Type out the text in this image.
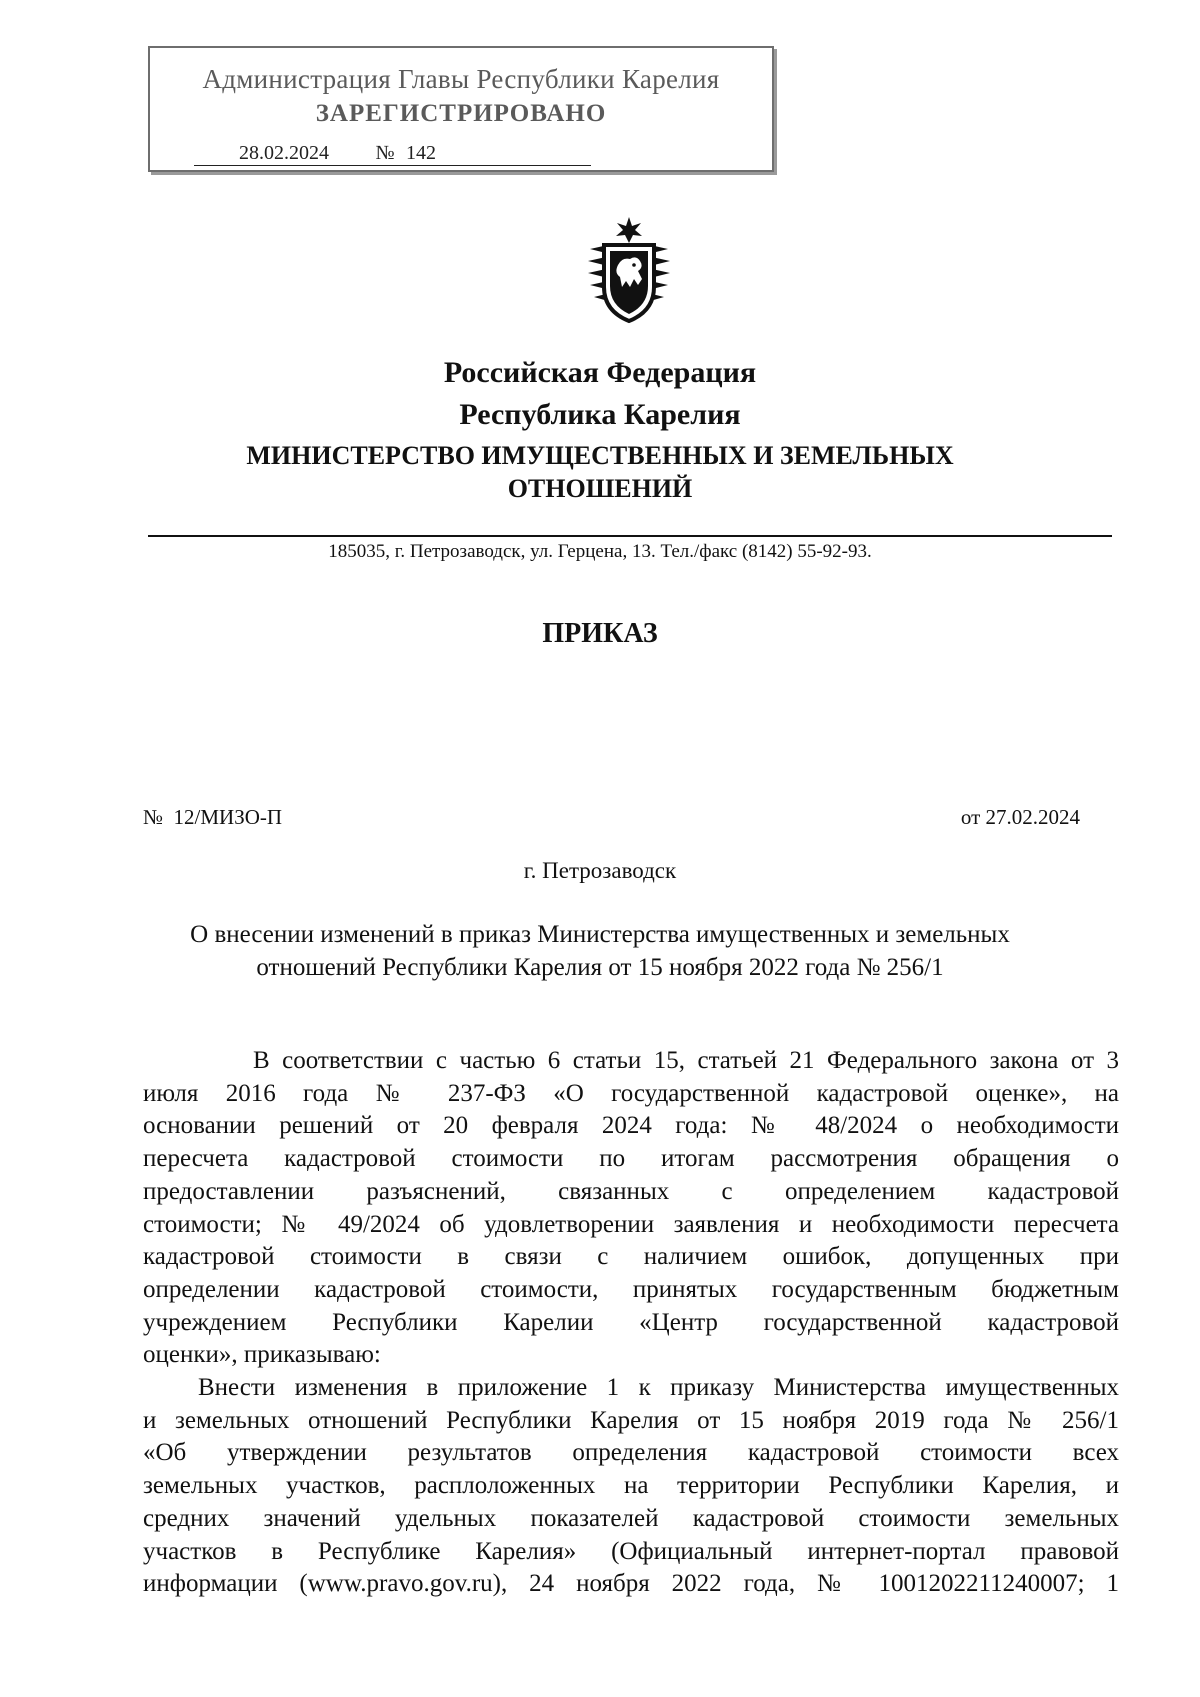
Администрация Главы Республики Карелия
ЗАРЕГИСТРИРОВАНО
28.02.2024 № 142
Российская Федерация
Республика Карелия
МИНИСТЕРСТВО ИМУЩЕСТВЕННЫХ И ЗЕМЕЛЬНЫХ
ОТНОШЕНИЙ
185035, г. Петрозаводск, ул. Герцена, 13. Тел./факс (8142) 55-92-93.
ПРИКАЗ
№  12/МИЗО-П	от 27.02.2024
г. Петрозаводск

О внесении изменений в приказ Министерства имущественных и земельных

отношений Республики Карелия от 15 ноября 2022 года № 256/1

В соответствии с частью 6 статьи 15, статьей 21 Федерального закона от 3
июля 2016 года № 237-ФЗ «О государственной кадастровой оценке», на
основании решений от 20 февраля 2024 года: № 48/2024 о необходимости
пересчета кадастровой стоимости по итогам рассмотрения обращения о
предоставлении разъяснений, связанных с определением кадастровой
стоимости; № 49/2024 об удовлетворении заявления и необходимости пересчета
кадастровой стоимости в связи с наличием ошибок, допущенных при
определении кадастровой стоимости, принятых государственным бюджетным
учреждением Республики Карелии «Центр государственной кадастровой
оценки», приказываю:
Внести изменения в приложение 1 к приказу Министерства имущественных
и земельных отношений Республики Карелия от 15 ноября 2019 года № 256/1
«Об утверждении результатов определения кадастровой стоимости всех
земельных участков, расплоложенных на территории Республики Карелия, и
средних значений удельных показателей кадастровой стоимости земельных
участков в Республике Карелия» (Официальный интернет-портал правовой
информации (www.pravo.gov.ru), 24 ноября 2022 года, № 1001202211240007; 1
